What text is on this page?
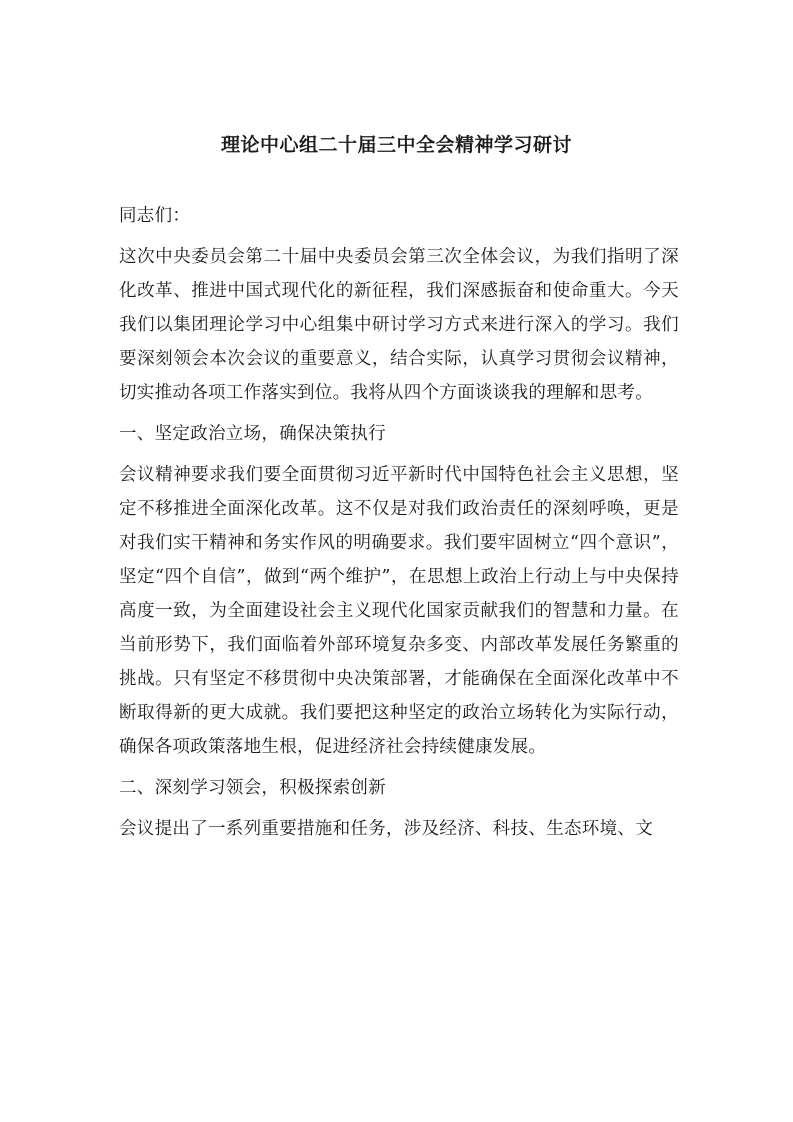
理论中心组二十届三中全会精神学习研讨

同志们：

这次中央委员会第二十届中央委员会第三次全体会议，为我们指明了深化改革、推进中国式现代化的新征程，我们深感振奋和使命重大。今天我们以集团理论学习中心组集中研讨学习方式来进行深入的学习。我们要深刻领会本次会议的重要意义，结合实际，认真学习贯彻会议精神，切实推动各项工作落实到位。我将从四个方面谈谈我的理解和思考。

一、坚定政治立场，确保决策执行

会议精神要求我们要全面贯彻习近平新时代中国特色社会主义思想，坚定不移推进全面深化改革。这不仅是对我们政治责任的深刻呼唤，更是对我们实干精神和务实作风的明确要求。我们要牢固树立“四个意识”，坚定“四个自信”，做到“两个维护”，在思想上政治上行动上与中央保持高度一致，为全面建设社会主义现代化国家贡献我们的智慧和力量。在当前形势下，我们面临着外部环境复杂多变、内部改革发展任务繁重的挑战。只有坚定不移贯彻中央决策部署，才能确保在全面深化改革中不断取得新的更大成就。我们要把这种坚定的政治立场转化为实际行动，确保各项政策落地生根，促进经济社会持续健康发展。

二、深刻学习领会，积极探索创新

会议提出了一系列重要措施和任务，涉及经济、科技、生态环境、文
